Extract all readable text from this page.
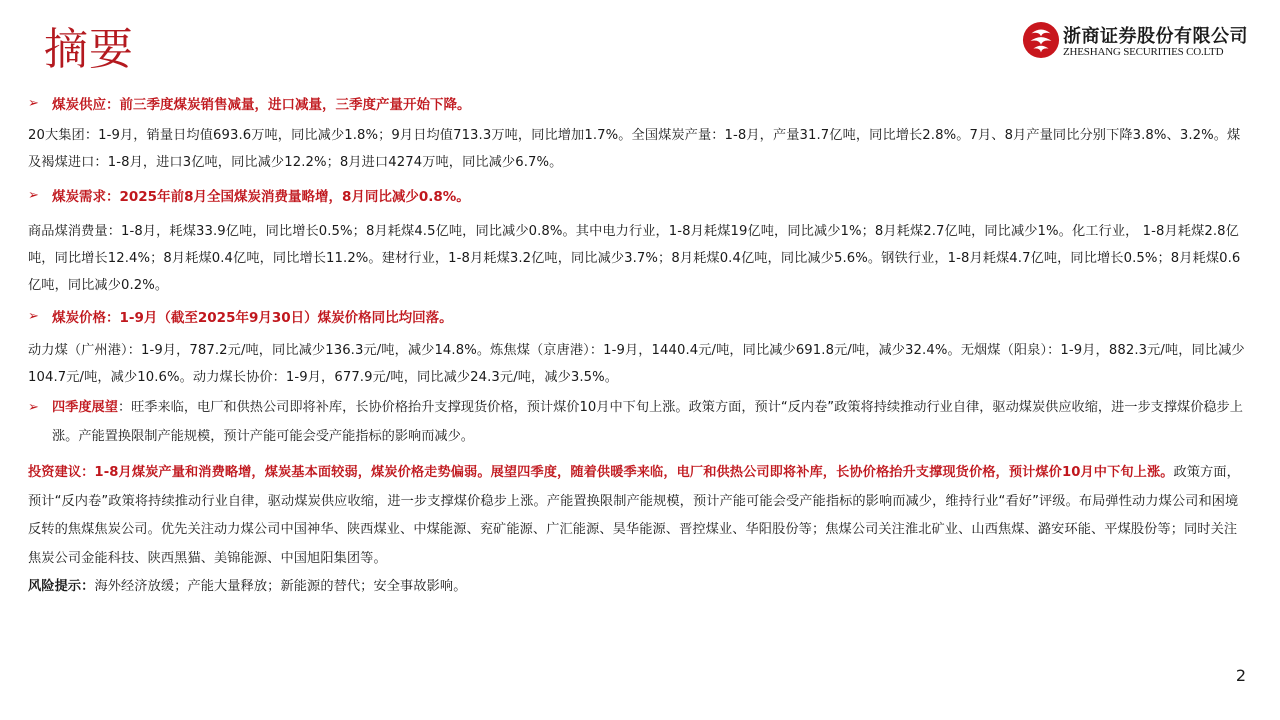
摘要	浙商证券股份有限公司
ZHESHANG SECURITIES CO.LTD
➢ 煤炭供应：前三季度煤炭销售减量，进口减量，三季度产量开始下降。
20大集团：1-9月，销量日均值693.6万吨，同比减少1.8%；9月日均值713.3万吨，同比增加1.7%。全国煤炭产量：1-8月，产量31.7亿吨，同比增长2.8%。7月、8月产量同比分别下降3.8%、3.2%。煤及褐煤进口：1-8月，进口3亿吨，同比减少12.2%；8月进口4274万吨，同比减少6.7%。
➢ 煤炭需求：2025年前8月全国煤炭消费量略增，8月同比减少0.8%。
商品煤消费量：1-8月，耗煤33.9亿吨，同比增长0.5%；8月耗煤4.5亿吨，同比减少0.8%。其中电力行业，1-8月耗煤19亿吨，同比减少1%；8月耗煤2.7亿吨，同比减少1%。化工行业， 1-8月耗煤2.8亿吨，同比增长12.4%；8月耗煤0.4亿吨，同比增长11.2%。建材行业，1-8月耗煤3.2亿吨，同比减少3.7%；8月耗煤0.4亿吨，同比减少5.6%。钢铁行业，1-8月耗煤4.7亿吨，同比增长0.5%；8月耗煤0.6亿吨，同比减少0.2%。
➢ 煤炭价格：1-9月（截至2025年9月30日）煤炭价格同比均回落。
动力煤（广州港）：1-9月，787.2元/吨，同比减少136.3元/吨，减少14.8%。炼焦煤（京唐港）：1-9月，1440.4元/吨，同比减少691.8元/吨，减少32.4%。无烟煤（阳泉）：1-9月，882.3元/吨，同比减少104.7元/吨，减少10.6%。动力煤长协价：1-9月，677.9元/吨，同比减少24.3元/吨，减少3.5%。
➢ 四季度展望：旺季来临，电厂和供热公司即将补库，长协价格抬升支撑现货价格，预计煤价10月中下旬上涨。政策方面，预计“反内卷”政策将持续推动行业自律，驱动煤炭供应收缩，进一步支撑煤价稳步上涨。产能置换限制产能规模，预计产能可能会受产能指标的影响而减少。
投资建议：1-8月煤炭产量和消费略增，煤炭基本面较弱，煤炭价格走势偏弱。展望四季度，随着供暖季来临，电厂和供热公司即将补库，长协价格抬升支撑现货价格，预计煤价10月中下旬上涨。政策方面，预计“反内卷”政策将持续推动行业自律，驱动煤炭供应收缩，进一步支撑煤价稳步上涨。产能置换限制产能规模，预计产能可能会受产能指标的影响而减少，维持行业“看好”评级。布局弹性动力煤公司和困境反转的焦煤焦炭公司。优先关注动力煤公司中国神华、陕西煤业、中煤能源、兖矿能源、广汇能源、昊华能源、晋控煤业、华阳股份等；焦煤公司关注淮北矿业、山西焦煤、潞安环能、平煤股份等；同时关注焦炭公司金能科技、陕西黑猫、美锦能源、中国旭阳集团等。
风险提示：海外经济放缓；产能大量释放；新能源的替代；安全事故影响。
2
